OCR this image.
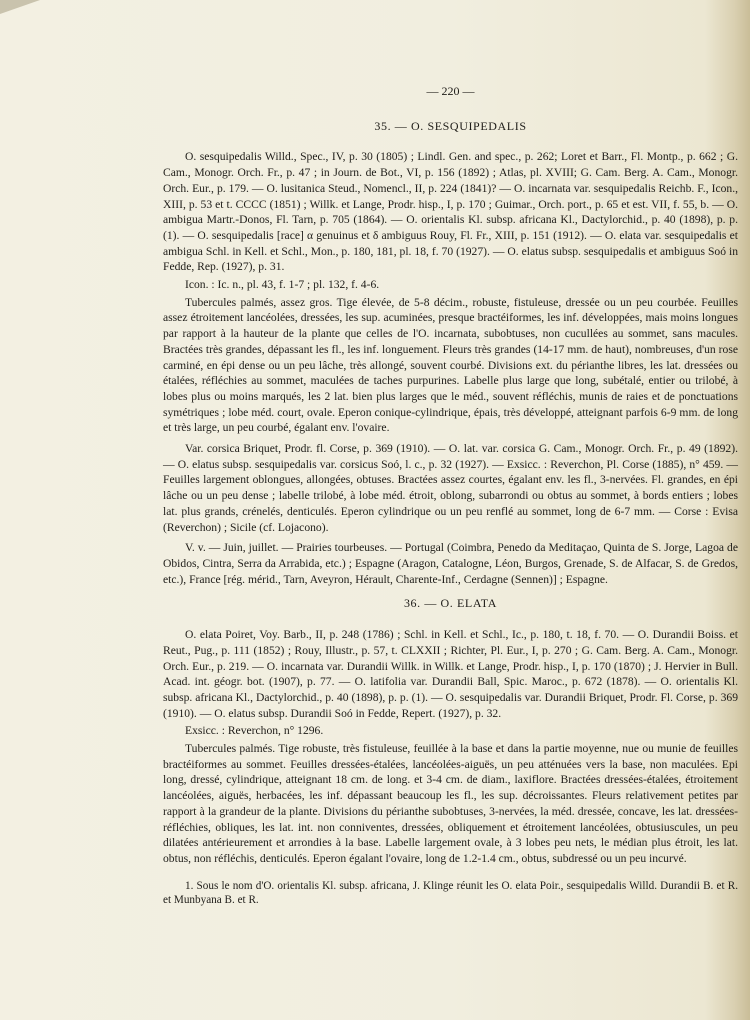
— 220 —
35. — O. SESQUIPEDALIS

O. sesquipedalis Willd., Spec., IV, p. 30 (1805) ; Lindl. Gen. and spec., p. 262; Loret et Barr., Fl. Montp., p. 662 ; G. Cam., Monogr. Orch. Fr., p. 47 ; in Journ. de Bot., VI, p. 156 (1892) ; Atlas, pl. XVIII; G. Cam. Berg. A. Cam., Monogr. Orch. Eur., p. 179. — O. lusitanica Steud., Nomencl., II, p. 224 (1841)? — O. incarnata var. sesquipedalis Reichb. F., Icon., XIII, p. 53 et t. CCCC (1851) ; Willk. et Lange, Prodr. hisp., I, p. 170 ; Guimar., Orch. port., p. 65 et est. VII, f. 55, b. — O. ambigua Martr.-Donos, Fl. Tarn, p. 705 (1864). — O. orientalis Kl. subsp. africana Kl., Dactylorchid., p. 40 (1898), p. p. (1). — O. sesquipedalis [race] α genuinus et δ ambiguus Rouy, Fl. Fr., XIII, p. 151 (1912). — O. elata var. sesquipedalis et ambigua Schl. in Kell. et Schl., Mon., p. 180, 181, pl. 18, f. 70 (1927). — O. elatus subsp. sesquipedalis et ambiguus Soó in Fedde, Rep. (1927), p. 31.

Icon. : Ic. n., pl. 43, f. 1-7 ; pl. 132, f. 4-6.

Tubercules palmés, assez gros. Tige élevée, de 5-8 décim., robuste, fistuleuse, dressée ou un peu courbée. Feuilles assez étroitement lancéolées, dressées, les sup. acuminées, presque bractéiformes, les inf. développées, mais moins longues par rapport à la hauteur de la plante que celles de l'O. incarnata, subobtuses, non cucullées au sommet, sans macules. Bractées très grandes, dépassant les fl., les inf. longuement. Fleurs très grandes (14-17 mm. de haut), nombreuses, d'un rose carminé, en épi dense ou un peu lâche, très allongé, souvent courbé. Divisions ext. du périanthe libres, les lat. dressées ou étalées, réfléchies au sommet, maculées de taches purpurines. Labelle plus large que long, subétalé, entier ou trilobé, à lobes plus ou moins marqués, les 2 lat. bien plus larges que le méd., souvent réfléchis, munis de raies et de ponctuations symétriques ; lobe méd. court, ovale. Eperon conique-cylindrique, épais, très développé, atteignant parfois 6-9 mm. de long et très large, un peu courbé, égalant env. l'ovaire.

Var. corsica Briquet, Prodr. fl. Corse, p. 369 (1910). — O. lat. var. corsica G. Cam., Monogr. Orch. Fr., p. 49 (1892). — O. elatus subsp. sesquipedalis var. corsicus Soó, l. c., p. 32 (1927). — Exsicc. : Reverchon, Pl. Corse (1885), n° 459. — Feuilles largement oblongues, allongées, obtuses. Bractées assez courtes, égalant env. les fl., 3-nervées. Fl. grandes, en épi lâche ou un peu dense ; labelle trilobé, à lobe méd. étroit, oblong, subarrondi ou obtus au sommet, à bords entiers ; lobes lat. plus grands, crénelés, denticulés. Eperon cylindrique ou un peu renflé au sommet, long de 6-7 mm. — Corse : Evisa (Reverchon) ; Sicile (cf. Lojacono).

V. v. — Juin, juillet. — Prairies tourbeuses. — Portugal (Coimbra, Penedo da Meditaçao, Quinta de S. Jorge, Lagoa de Obidos, Cintra, Serra da Arrabida, etc.) ; Espagne (Aragon, Catalogne, Léon, Burgos, Grenade, S. de Alfacar, S. de Gredos, etc.), France [rég. mérid., Tarn, Aveyron, Hérault, Charente-Inf., Cerdagne (Sennen)] ; Espagne.

36. — O. ELATA

O. elata Poiret, Voy. Barb., II, p. 248 (1786) ; Schl. in Kell. et Schl., Ic., p. 180, t. 18, f. 70. — O. Durandii Boiss. et Reut., Pug., p. 111 (1852) ; Rouy, Illustr., p. 57, t. CLXXII ; Richter, Pl. Eur., I, p. 270 ; G. Cam. Berg. A. Cam., Monogr. Orch. Eur., p. 219. — O. incarnata var. Durandii Willk. in Willk. et Lange, Prodr. hisp., I, p. 170 (1870) ; J. Hervier in Bull. Acad. int. géogr. bot. (1907), p. 77. — O. latifolia var. Durandii Ball, Spic. Maroc., p. 672 (1878). — O. orientalis Kl. subsp. africana Kl., Dactylorchid., p. 40 (1898), p. p. (1). — O. sesquipedalis var. Durandii Briquet, Prodr. Fl. Corse, p. 369 (1910). — O. elatus subsp. Durandii Soó in Fedde, Repert. (1927), p. 32.

Exsicc. : Reverchon, n° 1296.

Tubercules palmés. Tige robuste, très fistuleuse, feuillée à la base et dans la partie moyenne, nue ou munie de feuilles bractéiformes au sommet. Feuilles dressées-étalées, lancéolées-aiguës, un peu atténuées vers la base, non maculées. Epi long, dressé, cylindrique, atteignant 18 cm. de long. et 3-4 cm. de diam., laxiflore. Bractées dressées-étalées, étroitement lancéolées, aiguës, herbacées, les inf. dépassant beaucoup les fl., les sup. décroissantes. Fleurs relativement petites par rapport à la grandeur de la plante. Divisions du périanthe subobtuses, 3-nervées, la méd. dressée, concave, les lat. dressées-réfléchies, obliques, les lat. int. non conniventes, dressées, obliquement et étroitement lancéolées, obtusiuscules, un peu dilatées antérieurement et arrondies à la base. Labelle largement ovale, à 3 lobes peu nets, le médian plus étroit, les lat. obtus, non réfléchis, denticulés. Eperon égalant l'ovaire, long de 1.2-1.4 cm., obtus, subdressé ou un peu incurvé.

1. Sous le nom d'O. orientalis Kl. subsp. africana, J. Klinge réunit les O. elata Poir., sesquipedalis Willd. Durandii B. et R. et Munbyana B. et R.
